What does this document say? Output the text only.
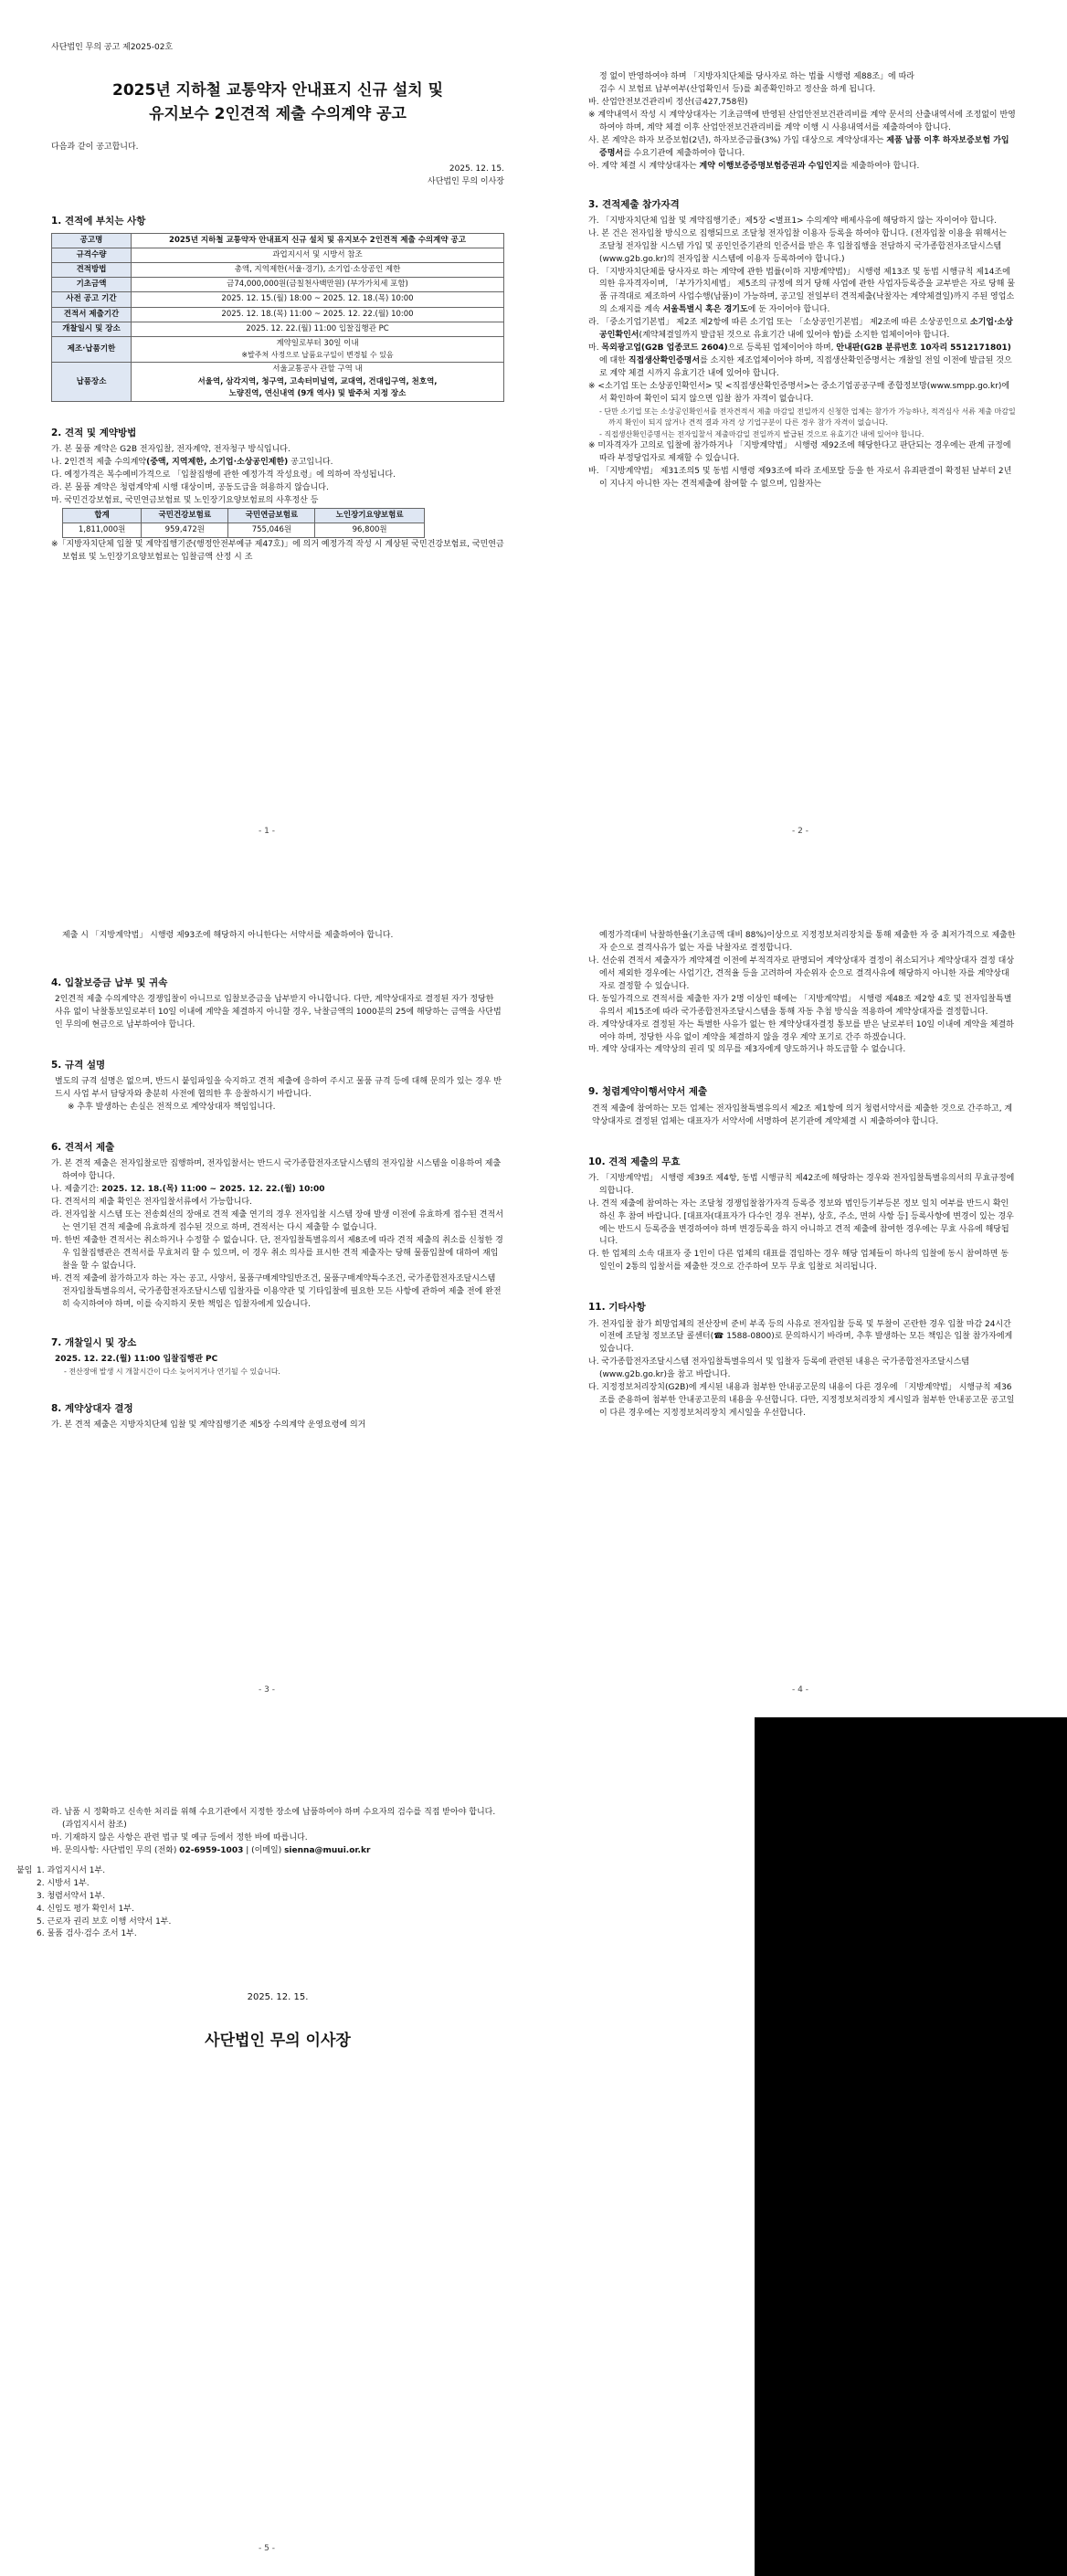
사단법인 무의 공고 제2025-02호
2025년 지하철 교통약자 안내표지 신규 설치 및
유지보수 2인견적 제출 수의계약 공고
다음과 같이 공고합니다.
2025. 12. 15.
사단법인 무의 이사장
1. 견적에 부치는 사항
공고명	2025년 지하철 교통약자 안내표지 신규 설치 및 유지보수 2인견적 제출 수의계약 공고
규격수량	과업지시서 및 시방서 참조
견적방법	총액, 지역제한(서울·경기), 소기업·소상공인 제한
기초금액	금74,000,000원(금칠천사백만원) (부가가치세 포함)
사전 공고 기간	2025. 12. 15.(월) 18:00 ~ 2025. 12. 18.(목) 10:00
견적서 제출기간	2025. 12. 18.(목) 11:00 ~ 2025. 12. 22.(월) 10:00
개찰일시 및 장소	2025. 12. 22.(월) 11:00 입찰집행관 PC
제조·납품기한	계약일로부터 30일 이내
※발주처 사정으로 납품요구일이 변경될 수 있음

납품장소	서울교통공사 관할 구역 내
서울역, 삼각지역, 청구역, 고속터미널역, 교대역, 건대입구역, 천호역,
노량진역, 연신내역 (9개 역사) 및 발주처 지정 장소
2. 견적 및 계약방법
가. 본 물품 계약은 G2B 전자입찰, 전자계약, 전자청구 방식입니다.
나. 2인견적 제출 수의계약(중액, 지역제한, 소기업·소상공인제한) 공고입니다.
다. 예정가격은 복수예비가격으로 「입찰집행에 관한 예정가격 작성요령」에 의하여 작성됩니다.
라. 본 물품 계약은 청렴계약제 시행 대상이며, 공동도급을 허용하지 않습니다.
마. 국민건강보험료, 국민연금보험료 및 노인장기요양보험료의 사후정산 등
합계	국민건강보험료	국민연금보험료	노인장기요양보험료
1,811,000원	959,472원	755,046원	96,800원
※「지방자치단체 입찰 및 계약집행기준(행정안전부예규 제47호)」에 의거 예정가격 작성 시 계상된 국민건강보험료, 국민연금보험료 및 노인장기요양보험료는 입찰금액 산정 시 조
- 1 -
정 없이 반영하여야 하며 「지방자치단체를 당사자로 하는 법률 시행령 제88조」에 따라
검수 시 보험료 납부여부(산업확인서 등)를 최종확인하고 정산을 하게 됩니다.
바. 산업안전보건관리비 정산(금427,758원)
※ 계약내역서 작성 시 계약상대자는 기초금액에 반영된 산업안전보건관리비를 계약 문서의 산출내역서에 조정없이 반영하여야 하며, 계약 체결 이후 산업안전보건관리비를 계약 이행 시 사용내역서를 제출하여야 합니다.
사. 본 계약은 하자 보증보험(2년), 하자보증금률(3%) 가입 대상으로 계약상대자는 제품 납품 이후 하자보증보험 가입 증명서를 수요기관에 제출하여야 합니다.
아. 계약 체결 시 계약상대자는 계약 이행보증증명보험증권과 수입인지를 제출하여야 합니다.
3. 견적제출 참가자격
가. 「지방자치단체 입찰 및 계약집행기준」제5장 <별표1> 수의계약 배제사유에 해당하지 않는 자이어야 합니다.
나. 본 건은 전자입찰 방식으로 집행되므로 조달청 전자입찰 이용자 등록을 하여야 합니다. (전자입찰 이용을 위해서는 조달청 전자입찰 시스템 가입 및 공인인증기관의 인증서를 받은 후 입찰집행을 전담하지 국가종합전자조달시스템(www.g2b.go.kr)의 전자입찰 시스템에 이용자 등록하여야 합니다.)
다. 「지방자치단체를 당사자로 하는 계약에 관한 법률(이하 지방계약법)」 시행령 제13조 및 동법 시행규칙 제14조에 의한 유자격자이며, 「부가가치세법」 제5조의 규정에 의거 당해 사업에 관한 사업자등록증을 교부받은 자로 당해 물품 규격대로 제조하여 사업수행(납품)이 가능하며, 공고일 전일부터 견적제출(낙찰자는 계약체결일)까지 주된 영업소의 소재지를 계속 서울특별시 혹은 경기도에 둔 자이어야 합니다.
라. 「중소기업기본법」 제2조 제2항에 따른 소기업 또는 「소상공인기본법」 제2조에 따른 소상공인으로 소기업·소상공인확인서(계약체결일까지 발급된 것으로 유효기간 내에 있어야 함)를 소지한 업체이어야 합니다.
마. 목외광고업(G2B 업종코드 2604)으로 등록된 업체이어야 하며, 안내판(G2B 분류번호 10자리 5512171801)에 대한 직접생산확인증명서를 소지한 제조업체이어야 하며, 직접생산확인증명서는 개찰일 전일 이전에 발급된 것으로 계약 체결 시까지 유효기간 내에 있어야 합니다.
※ <소기업 또는 소상공인확인서> 및 <직접생산확인증명서>는 중소기업공공구매 종합정보망(www.smpp.go.kr)에서 확인하여 확인이 되지 않으면 입찰 참가 자격이 없습니다.
- 단만 소기업 또는 소상공인확인서를 전자견적서 제출 마감일 전일까지 신청한 업체는 참가가 가능하나, 적격심사 서류 제출 마감일까지 확인이 되지 않거나 견적 결과 자격 상 기업구분이 다른 경우 참가 자격이 없습니다.
- 직접생산확인증명서는 전자입찰서 제출마감일 전일까지 발급된 것으로 유효기간 내에 있어야 합니다.
※ 미자격자가 고의로 입찰에 참가하거나 「지방계약법」 시행령 제92조에 해당한다고 판단되는 경우에는 관계 규정에 따라 부정당업자로 제재할 수 있습니다.
바. 「지방계약법」 제31조의5 및 동법 시행령 제93조에 따라 조세포탈 등을 한 자로서 유죄판결이 확정된 날부터 2년이 지나지 아니한 자는 견적제출에 참여할 수 없으며, 입찰자는
- 2 -
제출 시 「지방계약법」 시행령 제93조에 해당하지 아니한다는 서약서를 제출하여야 합니다.
4. 입찰보증금 납부 및 귀속
2인견적 제출 수의계약은 경쟁입찰이 아니므로 입찰보증금을 납부받지 아니합니다. 다만, 계약상대자로 결정된 자가 정당한 사유 없이 낙찰통보일로부터 10일 이내에 계약을 체결하지 아니할 경우, 낙찰금액의 1000분의 25에 해당하는 금액을 사단법인 무의에 현금으로 납부하여야 합니다.
5. 규격 설명
별도의 규격 설명은 없으며, 반드시 붙임파일을 숙지하고 견적 제출에 응하여 주시고 물품 규격 등에 대해 문의가 있는 경우 반드시 사업 부서 담당자와 충분히 사전에 협의한 후 응찰하시기 바랍니다.
※ 추후 발생하는 손실은 전적으로 계약상대자 책임입니다.
6. 견적서 제출
가. 본 견적 제출은 전자입찰로만 집행하며, 전자입찰서는 반드시 국가종합전자조달시스템의 전자입찰 시스템을 이용하여 제출하여야 합니다.
나. 제출기간: 2025. 12. 18.(목) 11:00 ~ 2025. 12. 22.(월) 10:00
다. 견적서의 제출 확인은 전자입찰서류에서 가능합니다.
라. 전자입찰 시스템 또는 전송회선의 장애로 견적 제출 연기의 경우 전자입찰 시스템 장애 발생 이전에 유효하게 접수된 견적서는 연기된 견적 제출에 유효하게 접수된 것으로 하며, 견적서는 다시 제출할 수 없습니다.
마. 한번 제출한 견적서는 취소하거나 수정할 수 없습니다. 단, 전자입찰특별유의서 제8조에 따라 견적 제출의 취소를 신청한 경우 입찰집행관은 견적서를 무효처리 할 수 있으며, 이 경우 취소 의사를 표시한 견적 제출자는 당해 물품입찰에 대하여 재입찰을 할 수 없습니다.
바. 견적 제출에 참가하고자 하는 자는 공고, 사양서, 물품구매계약일반조건, 물품구매계약특수조건, 국가종합전자조달시스템 전자입찰특별유의서, 국가종합전자조달시스템 입찰자를 이용약관 및 기타입찰에 필요한 모든 사항에 관하여 제출 전에 완전히 숙지하여야 하며, 이를 숙지하지 못한 책임은 입찰자에게 있습니다.
7. 개찰일시 및 장소
2025. 12. 22.(월) 11:00 입찰집행관 PC
- 전산장애 발생 시 개찰시간이 다소 늦어지거나 연기될 수 있습니다.
8. 계약상대자 결정
가. 본 견적 제출은 지방자치단체 입찰 및 계약집행기준 제5장 수의계약 운영요령에 의거
- 3 -
예정가격대비 낙찰하한율(기초금액 대비 88%)이상으로 지정정보처리장치를 통해 제출한 자 중 최저가격으로 제출한 자 순으로 결격사유가 없는 자를 낙찰자로 결정합니다.
나. 선순위 견적서 제출자가 계약체결 이전에 부적격자로 판명되어 계약상대자 결정이 취소되거나 계약상대자 결정 대상에서 제외한 경우에는 사업기간, 견적율 등을 고려하여 자순위자 순으로 결격사유에 해당하지 아니한 자를 계약상대자로 결정할 수 있습니다.
다. 동일가격으로 견적서를 제출한 자가 2명 이상인 때에는 「지방계약법」 시행령 제48조 제2항 4호 및 전자입찰특별유의서 제15조에 따라 국가종합전자조달시스템을 통해 자동 추첨 방식을 적용하여 계약상대자를 결정합니다.
라. 계약상대자로 결정된 자는 특별한 사유가 없는 한 계약상대자결정 통보를 받은 날로부터 10일 이내에 계약을 체결하여야 하며, 정당한 사유 없이 계약을 체결하지 않을 경우 계약 포기로 간주 하겠습니다.
마. 계약 상대자는 계약상의 권리 및 의무를 제3자에게 양도하거나 하도급할 수 없습니다.
9. 청렴계약이행서약서 제출
견적 제출에 참여하는 모든 업체는 전자입찰특별유의서 제2조 제1항에 의거 청렴서약서를 제출한 것으로 간주하고, 계약상대자로 결정된 업체는 대표자가 서약서에 서명하여 본기관에 계약체결 시 제출하여야 합니다.
10. 견적 제출의 무효
가. 「지방계약법」 시행령 제39조 제4항, 동법 시행규칙 제42조에 해당하는 경우와 전자입찰특별유의서의 무효규정에 의합니다.
나. 견적 제출에 참여하는 자는 조달청 경쟁입찰참가자격 등록증 정보와 법인등기부등본 정보 일치 여부를 반드시 확인하신 후 참여 바랍니다. [대표자(대표자가 다수인 경우 전부), 상호, 주소, 면허 사항 등] 등록사항에 변경이 있는 경우에는 반드시 등록증을 변경하여야 하며 변경등록을 하지 아니하고 견적 제출에 참여한 경우에는 무효 사유에 해당됩니다.
다. 한 업체의 소속 대표자 중 1인이 다른 업체의 대표를 겸임하는 경우 해당 업체들이 하나의 입찰에 동시 참여하면 동일인이 2통의 입찰서를 제출한 것으로 간주하여 모두 무효 입찰로 처리됩니다.
11. 기타사항
가. 전자입찰 참가 희망업체의 전산장비 준비 부족 등의 사유로 전자입찰 등록 및 투찰이 곤란한 경우 입찰 마감 24시간 이전에 조달청 정보조달 콜센터(☎ 1588-0800)로 문의하시기 바라며, 추후 발생하는 모든 책임은 입찰 참가자에게 있습니다.
나. 국가종합전자조달시스템 전자입찰특별유의서 및 입찰자 등록에 관련된 내용은 국가종합전자조달시스템(www.g2b.go.kr)을 참고 바랍니다.
다. 지정정보처리장치(G2B)에 게시된 내용과 첨부한 안내공고문의 내용이 다른 경우에 「지방계약법」 시행규칙 제36조를 준용하여 첨부한 안내공고문의 내용을 우선합니다. 다만, 지정정보처리장치 게시일과 첨부한 안내공고문 공고일이 다른 경우에는 지정정보처리장치 게시일을 우선합니다.
- 4 -
라. 납품 시 정확하고 신속한 처리를 위해 수요기관에서 지정한 장소에 납품하여야 하며 수요자의 검수를 직접 받아야 합니다. (과업지시서 참조)
마. 기재하지 않은 사항은 관련 법규 및 예규 등에서 정한 바에 따릅니다.
바. 문의사항: 사단법인 무의 (전화) 02-6959-1003 | (이메일) sienna@muui.or.kr
붙임 1. 과업지시서 1부.
2. 시방서 1부.
3. 청렴서약서 1부.
4. 신임도 평가 확인서 1부.
5. 근로자 권리 보호 이행 서약서 1부.
6. 물품 검사·검수 조서 1부.
2025. 12. 15.
사단법인 무의 이사장
- 5 -
